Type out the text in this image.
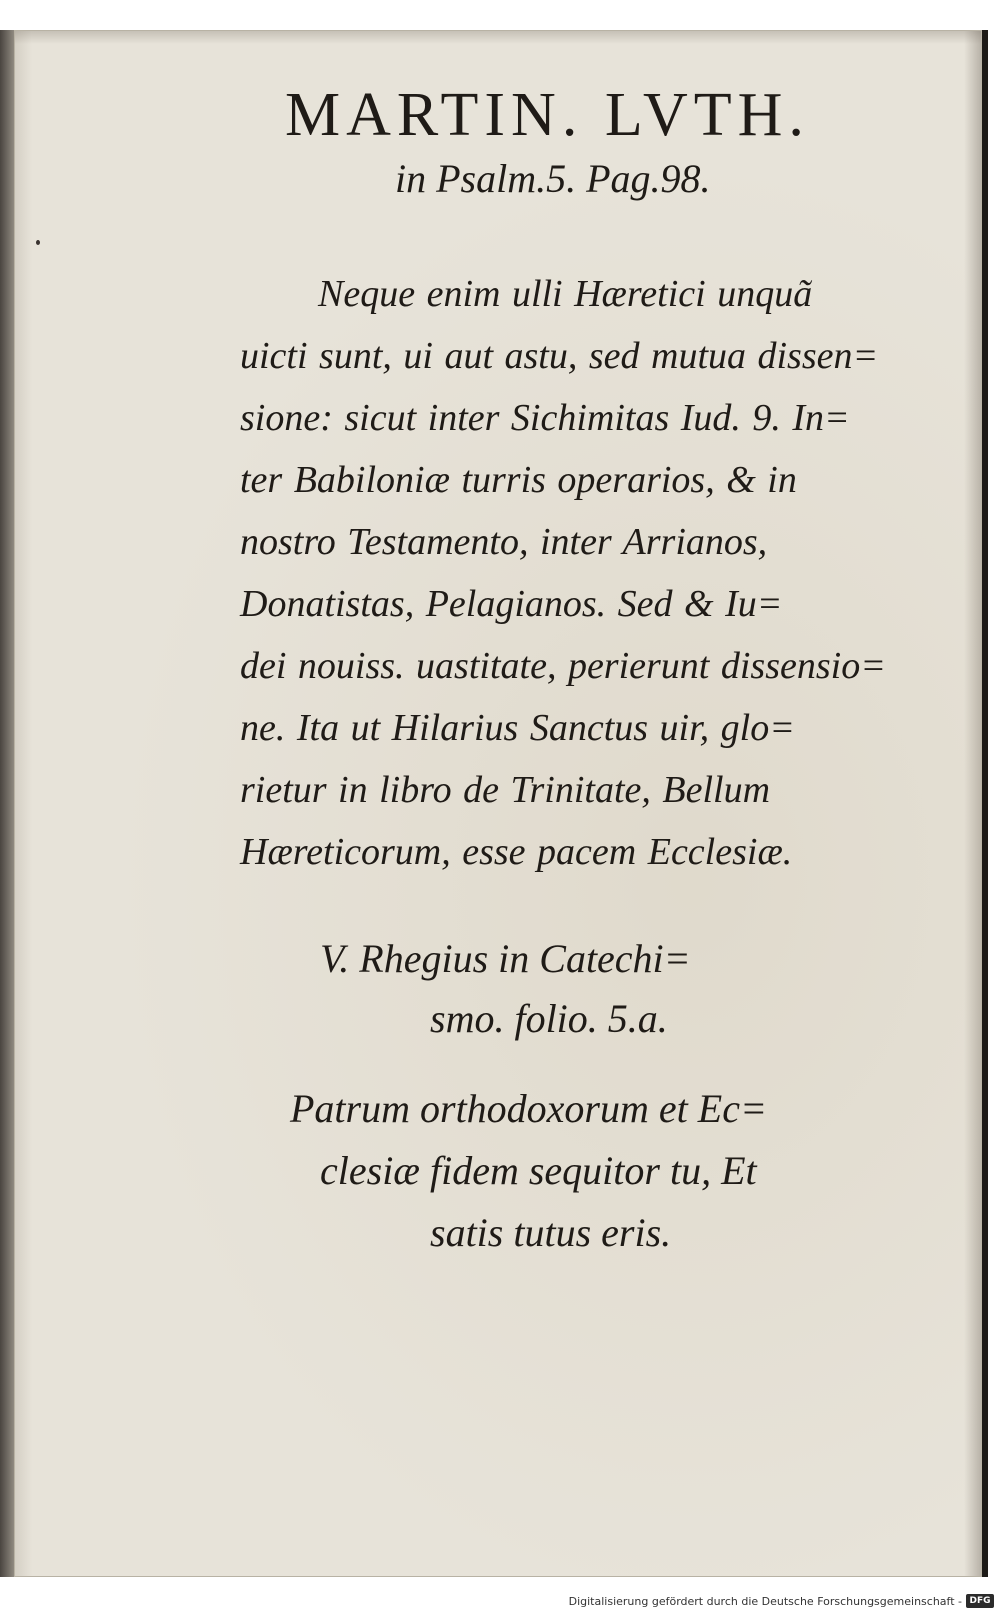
MARTIN. LVTH.
in Psalm.5. Pag.98.
Neque enim ulli Hæretici unquã
uicti sunt, ui aut astu, sed mutua dissen=
sione: sicut inter Sichimitas Iud. 9. In=
ter Babiloniæ turris operarios, & in
nostro Testamento, inter Arrianos,
Donatistas, Pelagianos. Sed & Iu=
dei nouiss. uastitate, perierunt dissensio=
ne. Ita ut Hilarius Sanctus uir, glo=
rietur in libro de Trinitate, Bellum
Hæreticorum, esse pacem Ecclesiæ.
V. Rhegius in Catechi=
smo. folio. 5.a.
Patrum orthodoxorum et Ec=
clesiæ fidem sequitor tu, Et
satis tutus eris.
Digitalisierung gefördert durch die Deutsche Forschungsgemeinschaft - DFG
